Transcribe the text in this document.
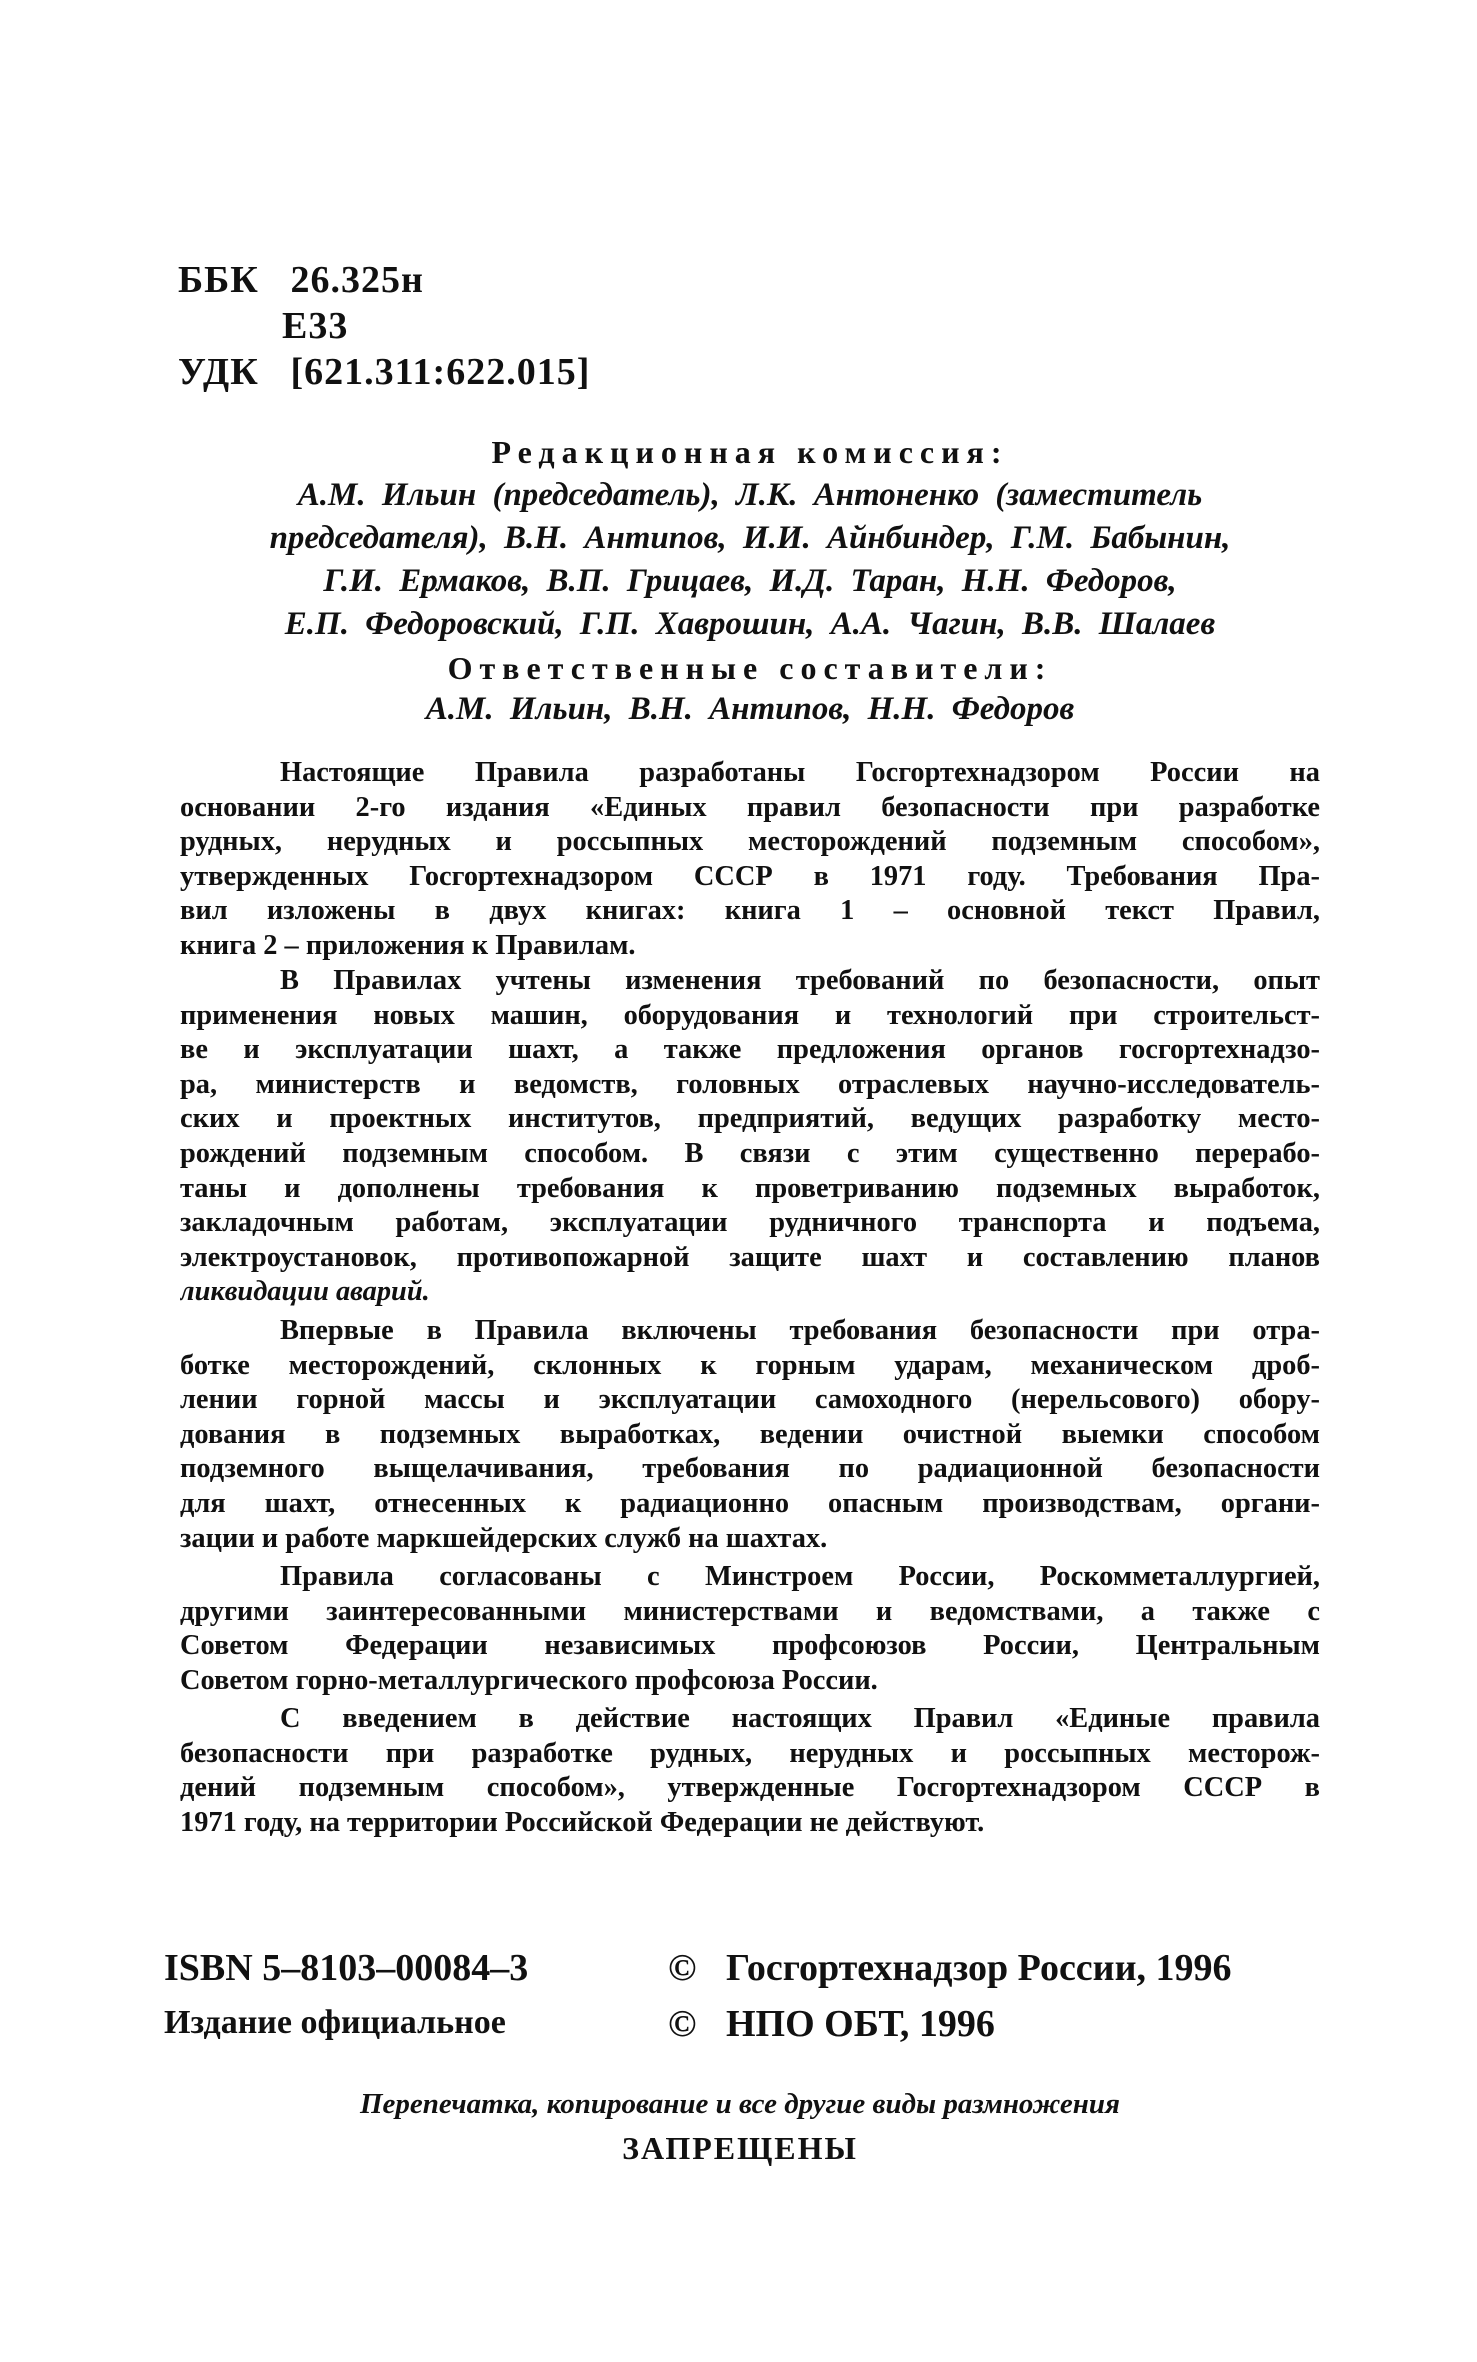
ББК 26.325н
Е33
УДК [621.311:622.015]
Редакционная комиссия:
А.М. Ильин (председатель), Л.К. Антоненко (заместитель
председателя), В.Н. Антипов, И.И. Айнбиндер, Г.М. Бабынин,
Г.И. Ермаков, В.П. Грицаев, И.Д. Таран, Н.Н. Федоров,
Е.П. Федоровский, Г.П. Хаврошин, А.А. Чагин, В.В. Шалаев
Ответственные составители:
А.М. Ильин, В.Н. Антипов, Н.Н. Федоров
Настоящие Правила разработаны Госгортехнадзором России на
основании 2-го издания «Единых правил безопасности при разработке
рудных, нерудных и россыпных месторождений подземным способом»,
утвержденных Госгортехнадзором СССР в 1971 году. Требования Пра-
вил изложены в двух книгах: книга 1 – основной текст Правил,
книга 2 – приложения к Правилам.
В Правилах учтены изменения требований по безопасности, опыт
применения новых машин, оборудования и технологий при строительст-
ве и эксплуатации шахт, а также предложения органов госгортехнадзо-
ра, министерств и ведомств, головных отраслевых научно-исследователь-
ских и проектных институтов, предприятий, ведущих разработку место-
рождений подземным способом. В связи с этим существенно перерабо-
таны и дополнены требования к проветриванию подземных выработок,
закладочным работам, эксплуатации рудничного транспорта и подъема,
электроустановок, противопожарной защите шахт и составлению планов
ликвидации аварий.
Впервые в Правила включены требования безопасности при отра-
ботке месторождений, склонных к горным ударам, механическом дроб-
лении горной массы и эксплуатации самоходного (нерельсового) обору-
дования в подземных выработках, ведении очистной выемки способом
подземного выщелачивания, требования по радиационной безопасности
для шахт, отнесенных к радиационно опасным производствам, органи-
зации и работе маркшейдерских служб на шахтах.
Правила согласованы с Минстроем России, Роскомметаллургией,
другими заинтересованными министерствами и ведомствами, а также с
Советом Федерации независимых профсоюзов России, Центральным
Советом горно-металлургического профсоюза России.
С введением в действие настоящих Правил «Единые правила
безопасности при разработке рудных, нерудных и россыпных месторож-
дений подземным способом», утвержденные Госгортехнадзором СССР в
1971 году, на территории Российской Федерации не действуют.
ISBN 5–8103–00084–3
Издание официальное
© Госгортехнадзор России, 1996
© НПО ОБТ, 1996
Перепечатка, копирование и все другие виды размножения
ЗАПРЕЩЕНЫ
